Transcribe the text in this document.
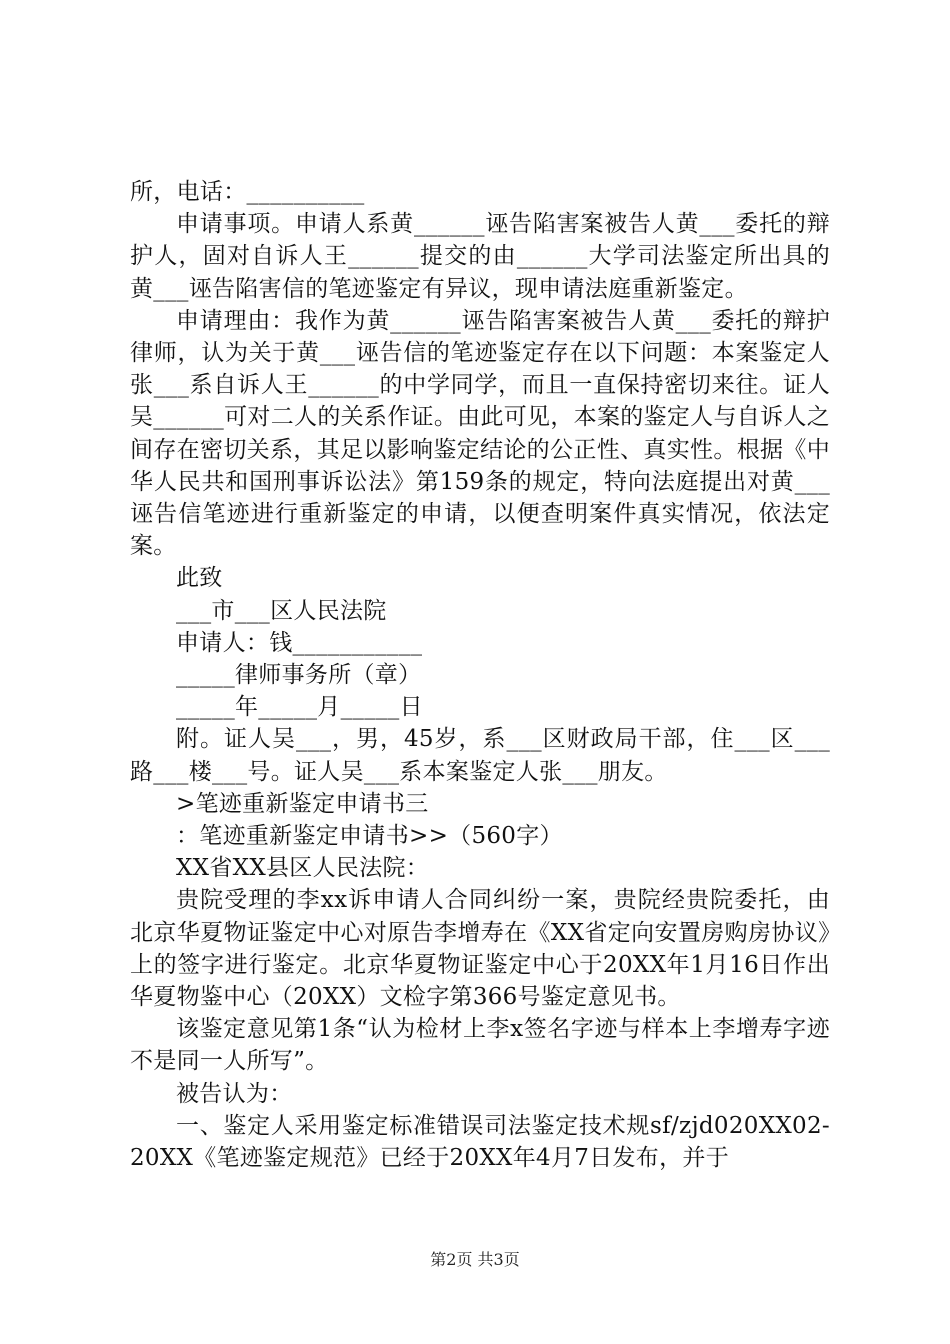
所，电话：__________

申请事项。申请人系黄______诬告陷害案被告人黄___委托的辩护人，固对自诉人王______提交的由______大学司法鉴定所出具的黄___诬告陷害信的笔迹鉴定有异议，现申请法庭重新鉴定。

申请理由：我作为黄______诬告陷害案被告人黄___委托的辩护律师，认为关于黄___诬告信的笔迹鉴定存在以下问题：本案鉴定人张___系自诉人王______的中学同学，而且一直保持密切来往。证人吴______可对二人的关系作证。由此可见，本案的鉴定人与自诉人之间存在密切关系，其足以影响鉴定结论的公正性、真实性。根据《中华人民共和国刑事诉讼法》第159条的规定，特向法庭提出对黄___诬告信笔迹进行重新鉴定的申请，以便查明案件真实情况，依法定案。

此致

___市___区人民法院

申请人：钱___________

_____律师事务所（章）

_____年_____月_____日

附。证人吴___，男，45岁，系___区财政局干部，住___区___路___楼___号。证人吴___系本案鉴定人张___朋友。

>笔迹重新鉴定申请书三

：笔迹重新鉴定申请书>>（560字）

XX省XX县区人民法院：

贵院受理的李xx诉申请人合同纠纷一案，贵院经贵院委托，由北京华夏物证鉴定中心对原告李增寿在《XX省定向安置房购房协议》上的签字进行鉴定。北京华夏物证鉴定中心于20XX年1月16日作出华夏物鉴中心（20XX）文检字第366号鉴定意见书。

该鉴定意见第1条“认为检材上李x签名字迹与样本上李增寿字迹不是同一人所写”。

被告认为：

一、鉴定人采用鉴定标准错误司法鉴定技术规sf/zjd020XX02-20XX《笔迹鉴定规范》已经于20XX年4月7日发布，并于

第2页 共3页
